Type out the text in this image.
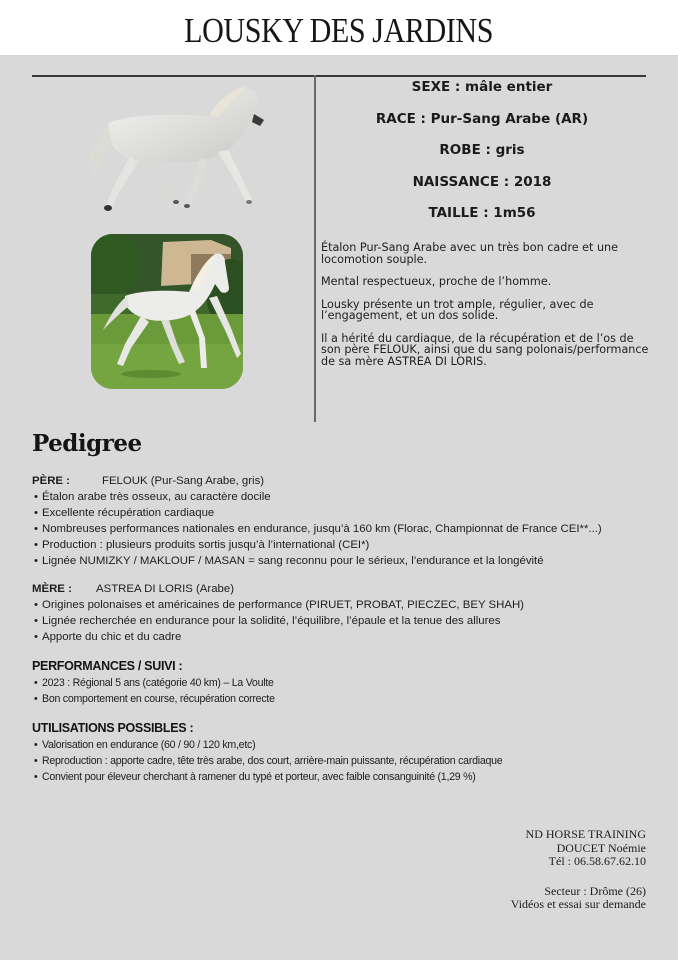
LOUSKY DES JARDINS
SEXE : mâle entier
RACE : Pur-Sang Arabe (AR)
ROBE : gris
NAISSANCE : 2018
TAILLE : 1m56

Étalon Pur-Sang Arabe avec un très bon cadre et une locomotion souple.

Mental respectueux, proche de l’homme.

Lousky présente un trot ample, régulier, avec de l’engagement, et un dos solide.

Il a hérité du cardiaque, de la récupération et de l’os de son père FELOUK, ainsi que du sang polonais/performance de sa mère ASTREA DI LORIS.

Pedigree
PÈRE :	FELOUK (Pur-Sang Arabe, gris)
• Étalon arabe très osseux, au caractère docile
• Excellente récupération cardiaque
• Nombreuses performances nationales en endurance, jusqu’à 160 km (Florac, Championnat de France CEI**...)
• Production : plusieurs produits sortis jusqu’à l’international (CEI*)
• Lignée NUMIZKY / MAKLOUF / MASAN = sang reconnu pour le sérieux, l’endurance et la longévité
MÈRE : ASTREA DI LORIS (Arabe)
• Origines polonaises et américaines de performance (PIRUET, PROBAT, PIECZEC, BEY SHAH)
• Lignée recherchée en endurance pour la solidité, l’équilibre, l’épaule et la tenue des allures
• Apporte du chic et du cadre
PERFORMANCES / SUIVI :
• 2023 : Régional 5 ans (catégorie 40 km) – La Voulte
• Bon comportement en course, récupération correcte
UTILISATIONS POSSIBLES :
• Valorisation en endurance (60 / 90 / 120 km,etc)
• Reproduction : apporte cadre, tête très arabe, dos court, arrière-main puissante, récupération cardiaque
• Convient pour éleveur cherchant à ramener du typé et porteur, avec faible consanguinité (1,29 %)
ND HORSE TRAINING
DOUCET Noémie
Tél : 06.58.67.62.10
Secteur : Drôme (26)
Vidéos et essai sur demande
